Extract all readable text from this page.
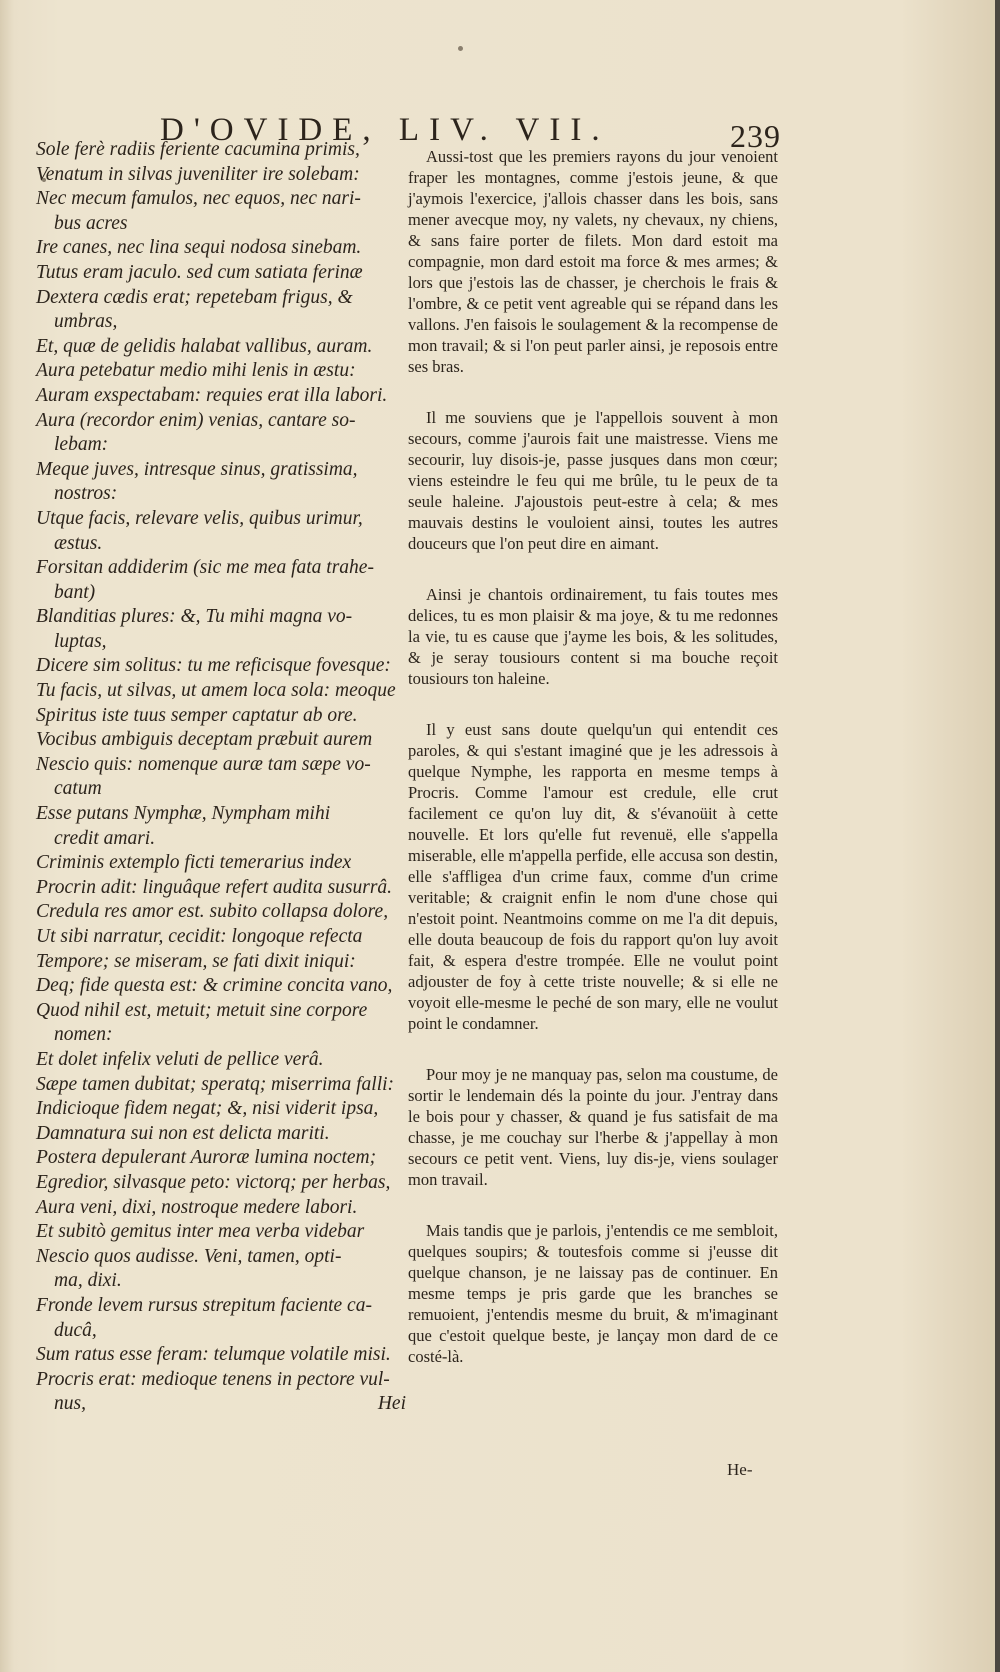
D'OVIDE, LIV. VII.	239
Sole ferè radiis feriente cacumina primis,
Venatum in silvas juveniliter ire solebam:
Nec mecum famulos, nec equos, nec nari-
bus acres
Ire canes, nec lina sequi nodosa sinebam.
Tutus eram jaculo. sed cum satiata ferinæ
Dextera cædis erat; repetebam frigus, &
umbras,
Et, quæ de gelidis halabat vallibus, auram.
Aura petebatur medio mihi lenis in æstu:
Auram exspectabam: requies erat illa labori.
Aura (recordor enim) venias, cantare so-
lebam:
Meque juves, intresque sinus, gratissima,
nostros:
Utque facis, relevare velis, quibus urimur,
æstus.
Forsitan addiderim (sic me mea fata trahe-
bant)
Blanditias plures: &, Tu mihi magna vo-
luptas,
Dicere sim solitus: tu me reficisque fovesque:
Tu facis, ut silvas, ut amem loca sola: meoque
Spiritus iste tuus semper captatur ab ore.
Vocibus ambiguis deceptam præbuit aurem
Nescio quis: nomenque auræ tam sæpe vo-
catum
Esse putans Nymphæ, Nympham mihi
credit amari.
Criminis extemplo ficti temerarius index
Procrin adit: linguâque refert audita susurrâ.
Credula res amor est. subito collapsa dolore,
Ut sibi narratur, cecidit: longoque refecta
Tempore; se miseram, se fati dixit iniqui:
Deq; fide questa est: & crimine concita vano,
Quod nihil est, metuit; metuit sine corpore
nomen:
Et dolet infelix veluti de pellice verâ.
Sæpe tamen dubitat; speratq; miserrima falli:
Indicioque fidem negat; &, nisi viderit ipsa,
Damnatura sui non est delicta mariti.
Postera depulerant Auroræ lumina noctem;
Egredior, silvasque peto: victorq; per herbas,
Aura veni, dixi, nostroque medere labori.
Et subitò gemitus inter mea verba videbar
Nescio quos audisse. Veni, tamen, opti-
ma, dixi.
Fronde levem rursus strepitum faciente ca-
ducâ,
Sum ratus esse feram: telumque volatile misi.
Procris erat: medioque tenens in pectore vul-
nus,	Hei

Aussi-tost que les premiers rayons du jour venoient fraper les montagnes, comme j'estois jeune, & que j'aymois l'exercice, j'allois chasser dans les bois, sans mener avecque moy, ny valets, ny chevaux, ny chiens, & sans faire porter de filets. Mon dard estoit ma compagnie, mon dard estoit ma force & mes armes; & lors que j'estois las de chasser, je cherchois le frais & l'ombre, & ce petit vent agreable qui se répand dans les vallons. J'en faisois le soulagement & la recompense de mon travail; & si l'on peut parler ainsi, je reposois entre ses bras.

Il me souviens que je l'appellois souvent à mon secours, comme j'aurois fait une maistresse. Viens me secourir, luy disois-je, passe jusques dans mon cœur; viens esteindre le feu qui me brûle, tu le peux de ta seule haleine. J'ajoustois peut-estre à cela; & mes mauvais destins le vouloient ainsi, toutes les autres douceurs que l'on peut dire en aimant.

Ainsi je chantois ordinairement, tu fais toutes mes delices, tu es mon plaisir & ma joye, & tu me redonnes la vie, tu es cause que j'ayme les bois, & les solitudes, & je seray tousiours content si ma bouche reçoit tousiours ton haleine.

Il y eust sans doute quelqu'un qui entendit ces paroles, & qui s'estant imaginé que je les adressois à quelque Nymphe, les rapporta en mesme temps à Procris. Comme l'amour est credule, elle crut facilement ce qu'on luy dit, & s'évanoüit à cette nouvelle. Et lors qu'elle fut revenuë, elle s'appella miserable, elle m'appella perfide, elle accusa son destin, elle s'affligea d'un crime faux, comme d'un crime veritable; & craignit enfin le nom d'une chose qui n'estoit point. Neantmoins comme on me l'a dit depuis, elle douta beaucoup de fois du rapport qu'on luy avoit fait, & espera d'estre trompée. Elle ne voulut point adjouster de foy à cette triste nouvelle; & si elle ne voyoit elle-mesme le peché de son mary, elle ne voulut point le condamner.

Pour moy je ne manquay pas, selon ma coustume, de sortir le lendemain dés la pointe du jour. J'entray dans le bois pour y chasser, & quand je fus satisfait de ma chasse, je me couchay sur l'herbe & j'appellay à mon secours ce petit vent. Viens, luy dis-je, viens soulager mon travail.

Mais tandis que je parlois, j'entendis ce me sembloit, quelques soupirs; & toutesfois comme si j'eusse dit quelque chanson, je ne laissay pas de continuer. En mesme temps je pris garde que les branches se remuoient, j'entendis mesme du bruit, & m'imaginant que c'estoit quelque beste, je lançay mon dard de ce costé-là.

He-
